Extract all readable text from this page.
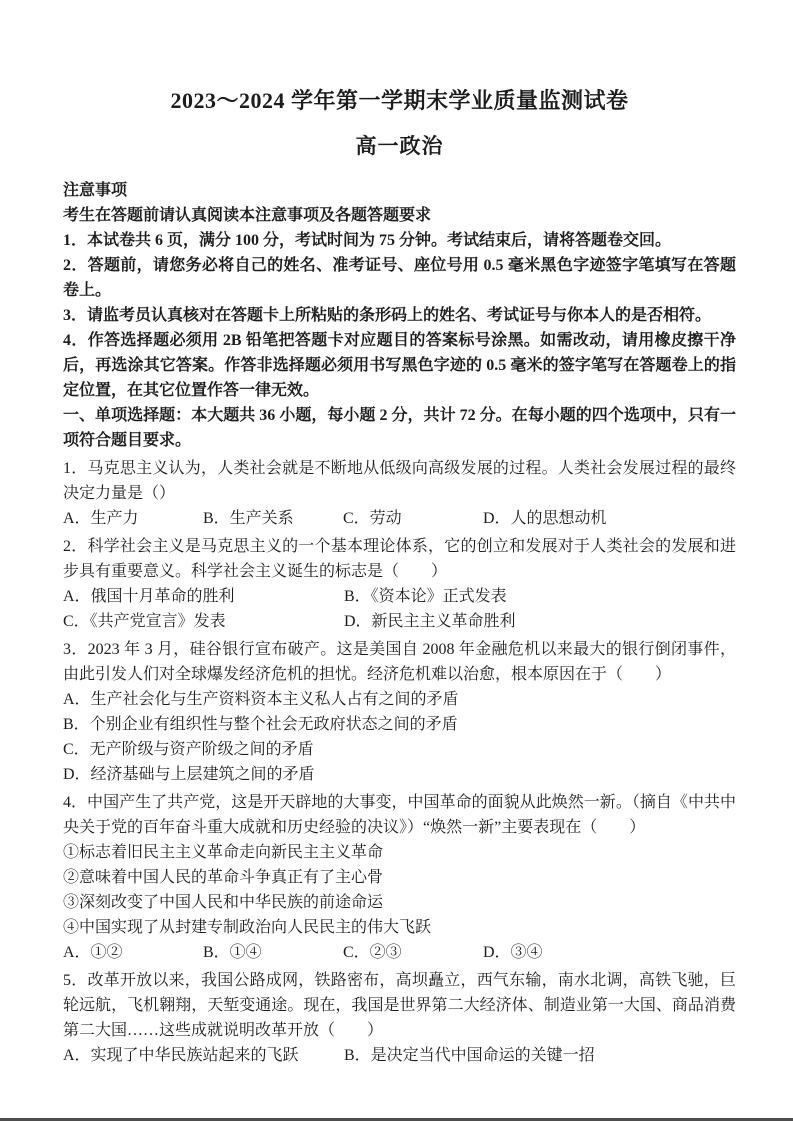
2023～2024 学年第一学期末学业质量监测试卷
高一政治

注意事项

考生在答题前请认真阅读本注意事项及各题答题要求

1．本试卷共 6 页，满分 100 分，考试时间为 75 分钟。考试结束后，请将答题卷交回。

2．答题前，请您务必将自己的姓名、准考证号、座位号用 0.5 毫米黑色字迹签字笔填写在答题卷上。

3．请监考员认真核对在答题卡上所粘贴的条形码上的姓名、考试证号与你本人的是否相符。

4．作答选择题必须用 2B 铅笔把答题卡对应题目的答案标号涂黑。如需改动，请用橡皮擦干净后，再选涂其它答案。作答非选择题必须用书写黑色字迹的 0.5 毫米的签字笔写在答题卷上的指定位置，在其它位置作答一律无效。

一、单项选择题：本大题共 36 小题，每小题 2 分，共计 72 分。在每小题的四个选项中，只有一项符合题目要求。

1．马克思主义认为，人类社会就是不断地从低级向高级发展的过程。人类社会发展过程的最终决定力量是（）

A．生产力	B．生产关系	C．劳动	D．人的思想动机

2．科学社会主义是马克思主义的一个基本理论体系，它的创立和发展对于人类社会的发展和进步具有重要意义。科学社会主义诞生的标志是（　　）

A．俄国十月革命的胜利	B．《资本论》正式发表
C．《共产党宣言》发表	D．新民主主义革命胜利

3．2023 年 3 月，硅谷银行宣布破产。这是美国自 2008 年金融危机以来最大的银行倒闭事件，由此引发人们对全球爆发经济危机的担忧。经济危机难以治愈，根本原因在于（　　）

A．生产社会化与生产资料资本主义私人占有之间的矛盾
B．个别企业有组织性与整个社会无政府状态之间的矛盾
C．无产阶级与资产阶级之间的矛盾
D．经济基础与上层建筑之间的矛盾

4．中国产生了共产党，这是开天辟地的大事变，中国革命的面貌从此焕然一新。（摘自《中共中央关于党的百年奋斗重大成就和历史经验的决议》）“焕然一新”主要表现在（　　）

①标志着旧民主主义革命走向新民主主义革命
②意味着中国人民的革命斗争真正有了主心骨
③深刻改变了中国人民和中华民族的前途命运
④中国实现了从封建专制政治向人民民主的伟大飞跃
A．①②	B．①④	C．②③	D．③④

5．改革开放以来，我国公路成网，铁路密布，高坝矗立，西气东输，南水北调，高铁飞驰，巨轮远航，飞机翱翔，天堑变通途。现在，我国是世界第二大经济体、制造业第一大国、商品消费第二大国……这些成就说明改革开放（　　）

A．实现了中华民族站起来的飞跃	B．是决定当代中国命运的关键一招
